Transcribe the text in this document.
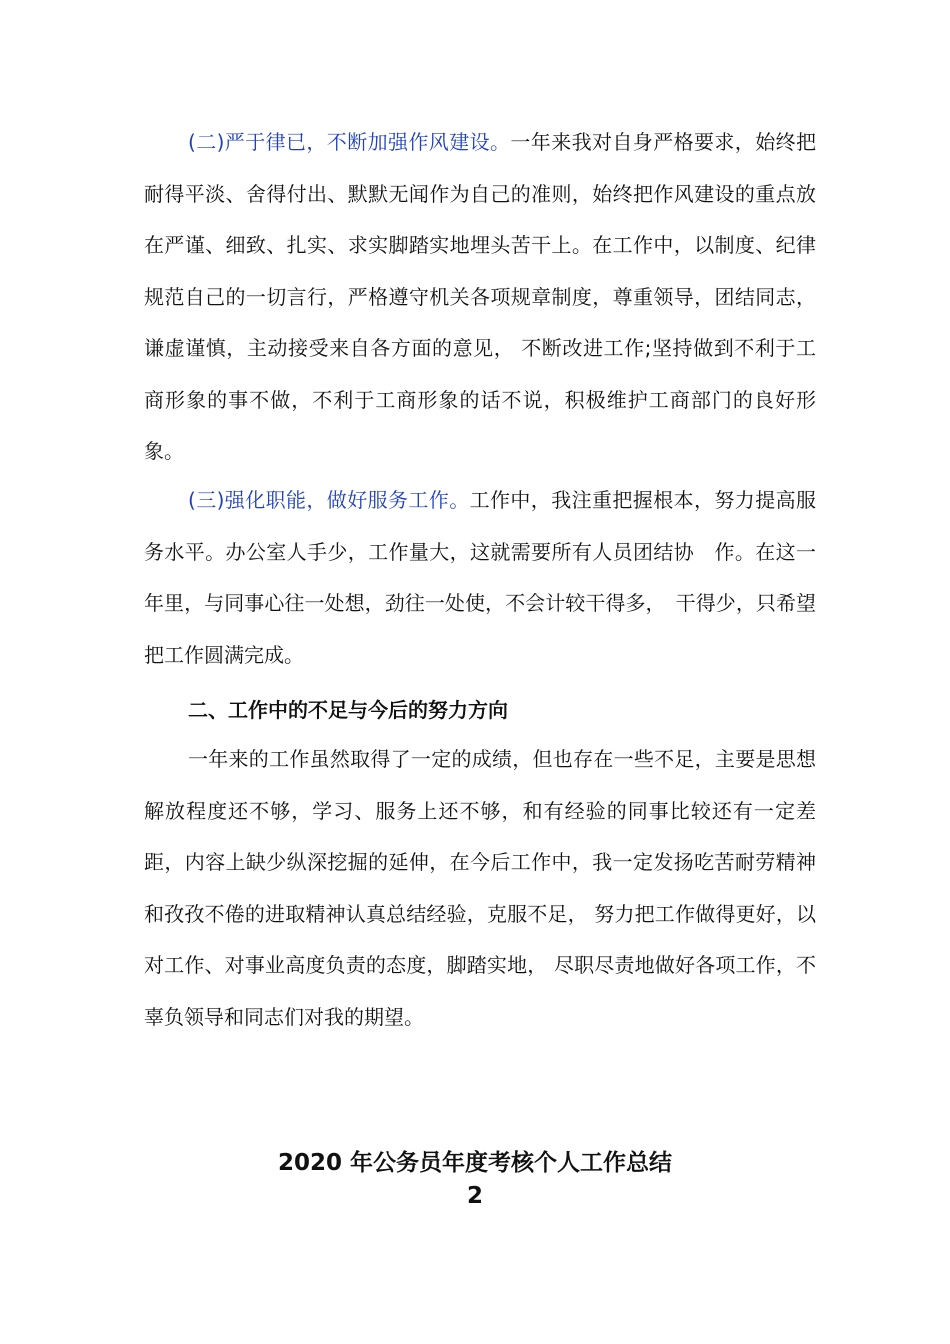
(二)严于律已，不断加强作风建设。一年来我对自身严格要求，始终把耐得平淡、舍得付出、默默无闻作为自己的准则，始终把作风建设的重点放在严谨、细致、扎实、求实脚踏实地埋头苦干上。在工作中，以制度、纪律规范自己的一切言行，严格遵守机关各项规章制度，尊重领导，团结同志，谦虚谨慎，主动接受来自各方面的意见， 不断改进工作;坚持做到不利于工商形象的事不做，不利于工商形象的话不说，积极维护工商部门的良好形象。

(三)强化职能，做好服务工作。工作中，我注重把握根本，努力提高服务水平。办公室人手少，工作量大，这就需要所有人员团结协　作。在这一年里，与同事心往一处想，劲往一处使，不会计较干得多，　干得少，只希望把工作圆满完成。

二、工作中的不足与今后的努力方向

一年来的工作虽然取得了一定的成绩，但也存在一些不足，主要是思想解放程度还不够，学习、服务上还不够，和有经验的同事比较还有一定差距，内容上缺少纵深挖掘的延伸，在今后工作中，我一定发扬吃苦耐劳精神和孜孜不倦的进取精神认真总结经验，克服不足， 努力把工作做得更好，以对工作、对事业高度负责的态度，脚踏实地， 尽职尽责地做好各项工作，不辜负领导和同志们对我的期望。

2020 年公务员年度考核个人工作总结
2
